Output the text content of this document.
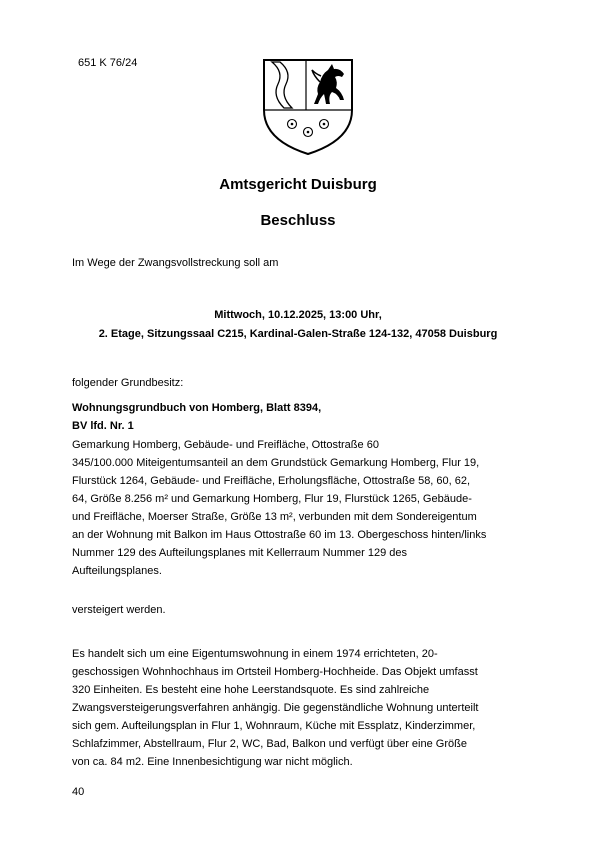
651 K 76/24
Amtsgericht Duisburg
Beschluss
Im Wege der Zwangsvollstreckung soll am
Mittwoch, 10.12.2025, 13:00 Uhr,
2. Etage, Sitzungssaal C215, Kardinal-Galen-Straße 124-132, 47058 Duisburg
folgender Grundbesitz:
Wohnungsgrundbuch von Homberg, Blatt 8394,
BV lfd. Nr. 1
Gemarkung Homberg, Gebäude- und Freifläche, Ottostraße 60
345/100.000 Miteigentumsanteil an dem Grundstück Gemarkung Homberg, Flur 19,
Flurstück 1264, Gebäude- und Freifläche, Erholungsfläche, Ottostraße 58, 60, 62,
64, Größe 8.256 m² und Gemarkung Homberg, Flur 19, Flurstück 1265, Gebäude-
und Freifläche, Moerser Straße, Größe 13 m², verbunden mit dem Sondereigentum
an der Wohnung mit Balkon im Haus Ottostraße 60 im 13. Obergeschoss hinten/links
Nummer 129 des Aufteilungsplanes mit Kellerraum Nummer 129 des
Aufteilungsplanes.
versteigert werden.
Es handelt sich um eine Eigentumswohnung in einem 1974 errichteten, 20-
geschossigen Wohnhochhaus im Ortsteil Homberg-Hochheide. Das Objekt umfasst
320 Einheiten. Es besteht eine hohe Leerstandsquote. Es sind zahlreiche
Zwangsversteigerungsverfahren anhängig. Die gegenständliche Wohnung unterteilt
sich gem. Aufteilungsplan in Flur 1, Wohnraum, Küche mit Essplatz, Kinderzimmer,
Schlafzimmer, Abstellraum, Flur 2, WC, Bad, Balkon und verfügt über eine Größe
von ca. 84 m2. Eine Innenbesichtigung war nicht möglich.
40
